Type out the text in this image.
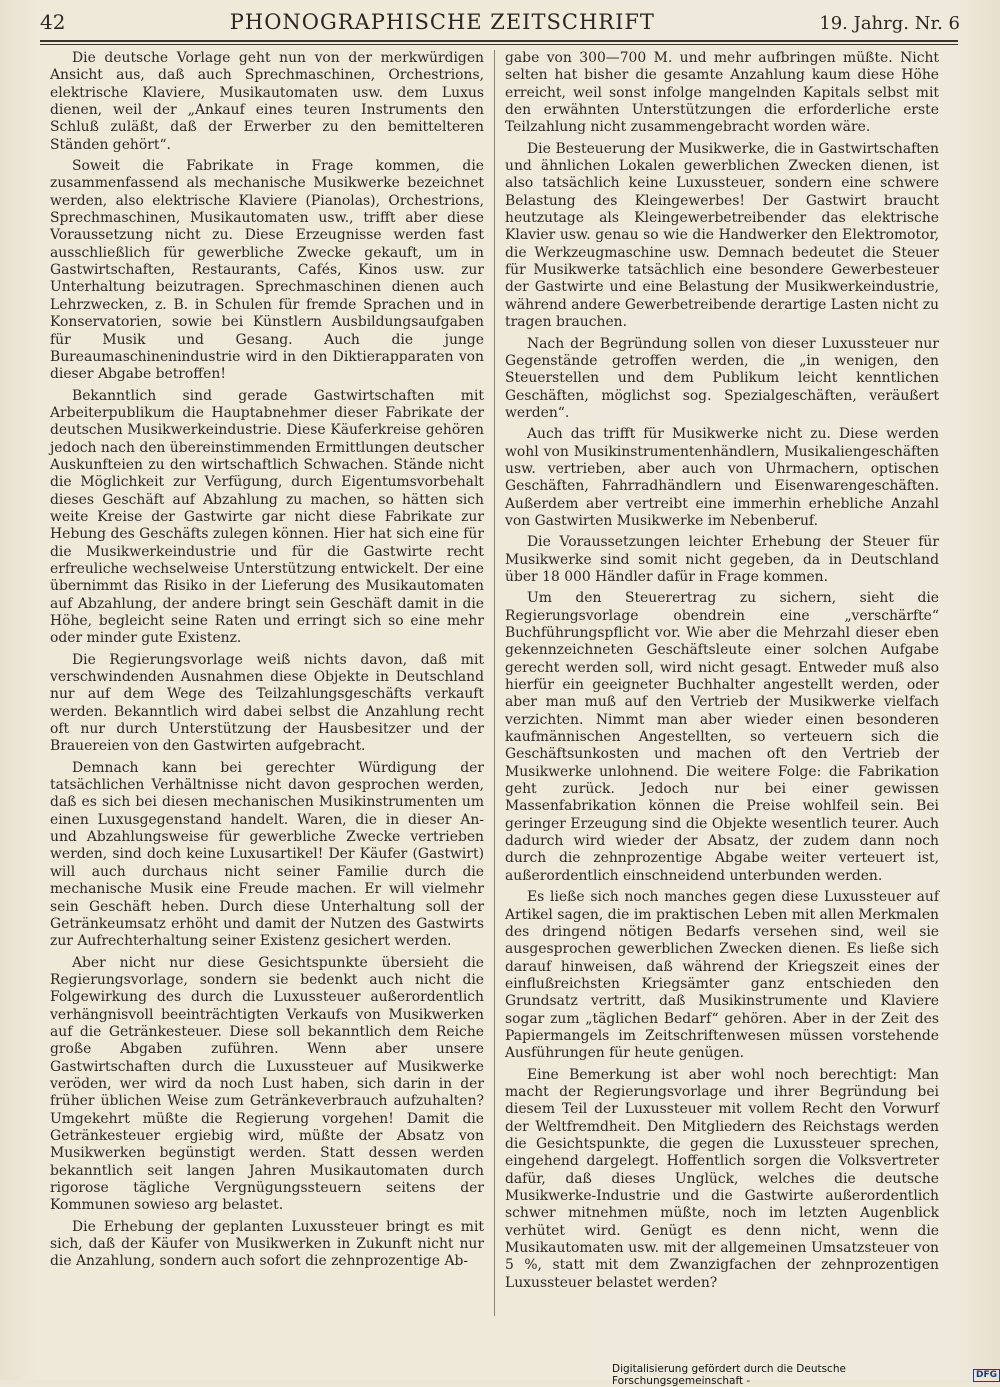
42	PHONOGRAPHISCHE ZEITSCHRIFT	19. Jahrg. Nr. 6

Die deutsche Vorlage geht nun von der merkwürdigen Ansicht aus, daß auch Sprechmaschinen, Orchestrions, elektrische Klaviere, Musikautomaten usw. dem Luxus dienen, weil der „Ankauf eines teuren Instruments den Schluß zuläßt, daß der Erwerber zu den bemittelteren Ständen gehört“.

Soweit die Fabrikate in Frage kommen, die zusammenfassend als mechanische Musikwerke bezeichnet werden, also elektrische Klaviere (Pianolas), Orchestrions, Sprechmaschinen, Musikautomaten usw., trifft aber diese Voraussetzung nicht zu. Diese Erzeugnisse werden fast ausschließlich für gewerbliche Zwecke gekauft, um in Gastwirtschaften, Restaurants, Cafés, Kinos usw. zur Unterhaltung beizutragen. Sprechmaschinen dienen auch Lehrzwecken, z. B. in Schulen für fremde Sprachen und in Konservatorien, sowie bei Künstlern Ausbildungsaufgaben für Musik und Gesang. Auch die junge Bureaumaschinenindustrie wird in den Diktierapparaten von dieser Abgabe betroffen!

Bekanntlich sind gerade Gastwirtschaften mit Arbeiterpublikum die Hauptabnehmer dieser Fabrikate der deutschen Musikwerkeindustrie. Diese Käuferkreise gehören jedoch nach den übereinstimmenden Ermittlungen deutscher Auskunfteien zu den wirtschaftlich Schwachen. Stände nicht die Möglichkeit zur Verfügung, durch Eigentumsvorbehalt dieses Geschäft auf Abzahlung zu machen, so hätten sich weite Kreise der Gastwirte gar nicht diese Fabrikate zur Hebung des Geschäfts zulegen können. Hier hat sich eine für die Musikwerkeindustrie und für die Gastwirte recht erfreuliche wechselweise Unterstützung entwickelt. Der eine übernimmt das Risiko in der Lieferung des Musikautomaten auf Abzahlung, der andere bringt sein Geschäft damit in die Höhe, begleicht seine Raten und erringt sich so eine mehr oder minder gute Existenz.

Die Regierungsvorlage weiß nichts davon, daß mit verschwindenden Ausnahmen diese Objekte in Deutschland nur auf dem Wege des Teilzahlungsgeschäfts verkauft werden. Bekanntlich wird dabei selbst die Anzahlung recht oft nur durch Unterstützung der Hausbesitzer und der Brauereien von den Gastwirten aufgebracht.

Demnach kann bei gerechter Würdigung der tatsächlichen Verhältnisse nicht davon gesprochen werden, daß es sich bei diesen mechanischen Musikinstrumenten um einen Luxusgegenstand handelt. Waren, die in dieser An- und Abzahlungsweise für gewerbliche Zwecke vertrieben werden, sind doch keine Luxusartikel! Der Käufer (Gastwirt) will auch durchaus nicht seiner Familie durch die mechanische Musik eine Freude machen. Er will vielmehr sein Geschäft heben. Durch diese Unterhaltung soll der Getränkeumsatz erhöht und damit der Nutzen des Gastwirts zur Aufrechterhaltung seiner Existenz gesichert werden.

Aber nicht nur diese Gesichtspunkte übersieht die Regierungsvorlage, sondern sie bedenkt auch nicht die Folgewirkung des durch die Luxussteuer außerordentlich verhängnisvoll beeinträchtigten Verkaufs von Musikwerken auf die Getränkesteuer. Diese soll bekanntlich dem Reiche große Abgaben zuführen. Wenn aber unsere Gastwirtschaften durch die Luxussteuer auf Musikwerke veröden, wer wird da noch Lust haben, sich darin in der früher üblichen Weise zum Getränkeverbrauch aufzuhalten? Umgekehrt müßte die Regierung vorgehen! Damit die Getränkesteuer ergiebig wird, müßte der Absatz von Musikwerken begünstigt werden. Statt dessen werden bekanntlich seit langen Jahren Musikautomaten durch rigorose tägliche Vergnügungssteuern seitens der Kommunen sowieso arg belastet.

Die Erhebung der geplanten Luxussteuer bringt es mit sich, daß der Käufer von Musikwerken in Zukunft nicht nur die Anzahlung, sondern auch sofort die zehnprozentige Ab-

gabe von 300—700 M. und mehr aufbringen müßte. Nicht selten hat bisher die gesamte Anzahlung kaum diese Höhe erreicht, weil sonst infolge mangelnden Kapitals selbst mit den erwähnten Unterstützungen die erforderliche erste Teilzahlung nicht zusammengebracht worden wäre.

Die Besteuerung der Musikwerke, die in Gastwirtschaften und ähnlichen Lokalen gewerblichen Zwecken dienen, ist also tatsächlich keine Luxussteuer, sondern eine schwere Belastung des Kleingewerbes! Der Gastwirt braucht heutzutage als Kleingewerbetreibender das elektrische Klavier usw. genau so wie die Handwerker den Elektromotor, die Werkzeugmaschine usw. Demnach bedeutet die Steuer für Musikwerke tatsächlich eine besondere Gewerbesteuer der Gastwirte und eine Belastung der Musikwerkeindustrie, während andere Gewerbetreibende derartige Lasten nicht zu tragen brauchen.

Nach der Begründung sollen von dieser Luxussteuer nur Gegenstände getroffen werden, die „in wenigen, den Steuerstellen und dem Publikum leicht kenntlichen Geschäften, möglichst sog. Spezialgeschäften, veräußert werden“.

Auch das trifft für Musikwerke nicht zu. Diese werden wohl von Musikinstrumentenhändlern, Musikaliengeschäften usw. vertrieben, aber auch von Uhrmachern, optischen Geschäften, Fahrradhändlern und Eisenwarengeschäften. Außerdem aber vertreibt eine immerhin erhebliche Anzahl von Gastwirten Musikwerke im Nebenberuf.

Die Voraussetzungen leichter Erhebung der Steuer für Musikwerke sind somit nicht gegeben, da in Deutschland über 18 000 Händler dafür in Frage kommen.

Um den Steuerertrag zu sichern, sieht die Regierungsvorlage obendrein eine „verschärfte“ Buchführungspflicht vor. Wie aber die Mehrzahl dieser eben gekennzeichneten Geschäftsleute einer solchen Aufgabe gerecht werden soll, wird nicht gesagt. Entweder muß also hierfür ein geeigneter Buchhalter angestellt werden, oder aber man muß auf den Vertrieb der Musikwerke vielfach verzichten. Nimmt man aber wieder einen besonderen kaufmännischen Angestellten, so verteuern sich die Geschäftsunkosten und machen oft den Vertrieb der Musikwerke unlohnend. Die weitere Folge: die Fabrikation geht zurück. Jedoch nur bei einer gewissen Massenfabrikation können die Preise wohlfeil sein. Bei geringer Erzeugung sind die Objekte wesentlich teurer. Auch dadurch wird wieder der Absatz, der zudem dann noch durch die zehnprozentige Abgabe weiter verteuert ist, außerordentlich einschneidend unterbunden werden.

Es ließe sich noch manches gegen diese Luxussteuer auf Artikel sagen, die im praktischen Leben mit allen Merkmalen des dringend nötigen Bedarfs versehen sind, weil sie ausgesprochen gewerblichen Zwecken dienen. Es ließe sich darauf hinweisen, daß während der Kriegszeit eines der einflußreichsten Kriegsämter ganz entschieden den Grundsatz vertritt, daß Musikinstrumente und Klaviere sogar zum „täglichen Bedarf“ gehören. Aber in der Zeit des Papiermangels im Zeitschriftenwesen müssen vorstehende Ausführungen für heute genügen.

Eine Bemerkung ist aber wohl noch berechtigt: Man macht der Regierungsvorlage und ihrer Begründung bei diesem Teil der Luxussteuer mit vollem Recht den Vorwurf der Weltfremdheit. Den Mitgliedern des Reichstags werden die Gesichtspunkte, die gegen die Luxussteuer sprechen, eingehend dargelegt. Hoffentlich sorgen die Volksvertreter dafür, daß dieses Unglück, welches die deutsche Musikwerke-Industrie und die Gastwirte außerordentlich schwer mitnehmen müßte, noch im letzten Augenblick verhütet wird. Genügt es denn nicht, wenn die Musikautomaten usw. mit der allgemeinen Umsatzsteuer von 5 %, statt mit dem Zwanzigfachen der zehnprozentigen Luxussteuer belastet werden?

Digitalisierung gefördert durch die Deutsche Forschungsgemeinschaft -
DFG
